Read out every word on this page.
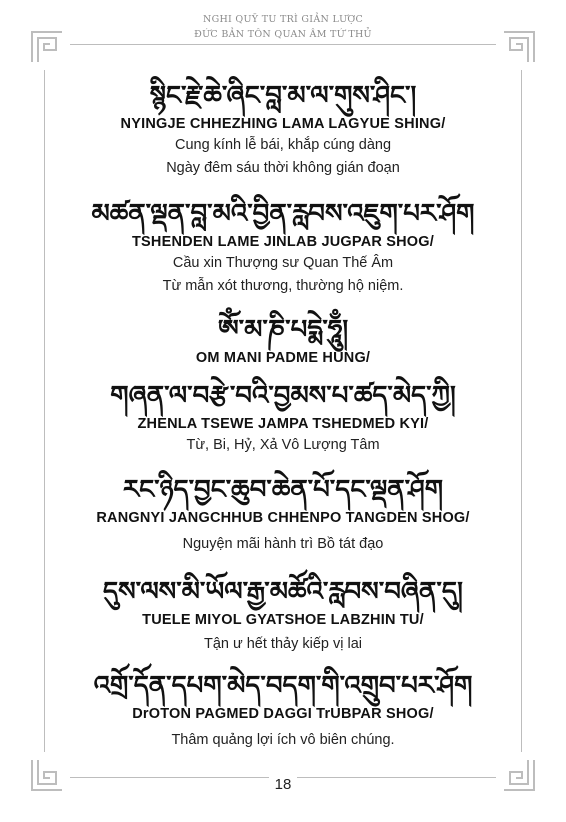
NGHI QUỸ TU TRÌ GIẢN LƯỢC
ĐỨC BẢN TÔN QUAN ÂM TỨ THỦ
སྙིང་རྗེ་ཆེ་ཞིང་བླ་མ་ལ་གུས་ཤིང་།
NYINGJE CHHEZHING LAMA LAGYUE SHING/
Cung kính lễ bái, khắp cúng dàng
Ngày đêm sáu thời không gián đoạn
མཚན་ལྡན་བླ་མའི་བྱིན་རླབས་འཇུག་པར་ཤོག
TSHENDEN LAME JINLAB JUGPAR SHOG/
Cầu xin Thượng sư Quan Thế Âm
Từ mẫn xót thương, thường hộ niệm.
ཨོཾ་མ་ཎི་པདྨེ་ཧཱུྃ།
OM MANI PADME HUNG/
གཞན་ལ་བརྩེ་བའི་བྱམས་པ་ཚད་མེད་ཀྱི།
ZHENLA TSEWE JAMPA TSHEDMED KYI/
Từ, Bi, Hỷ, Xả Vô Lượng Tâm
རང་ཉིད་བྱང་ཆུབ་ཆེན་པོ་དང་ལྡན་ཤོག
RANGNYI JANGCHHUB CHHENPO TANGDEN SHOG/
Nguyện mãi hành trì Bồ tát đạo
དུས་ལས་མི་ཡོལ་རྒྱ་མཚོའི་རླབས་བཞིན་དུ།
TUELE MIYOL GYATSHOE LABZHIN TU/
Tận ư hết thảy kiếp vị lai
འགྲོ་དོན་དཔག་མེད་བདག་གི་འགྲུབ་པར་ཤོག
DrOTON PAGMED DAGGI TrUBPAR SHOG/
Thâm quảng lợi ích vô biên chúng.
18
